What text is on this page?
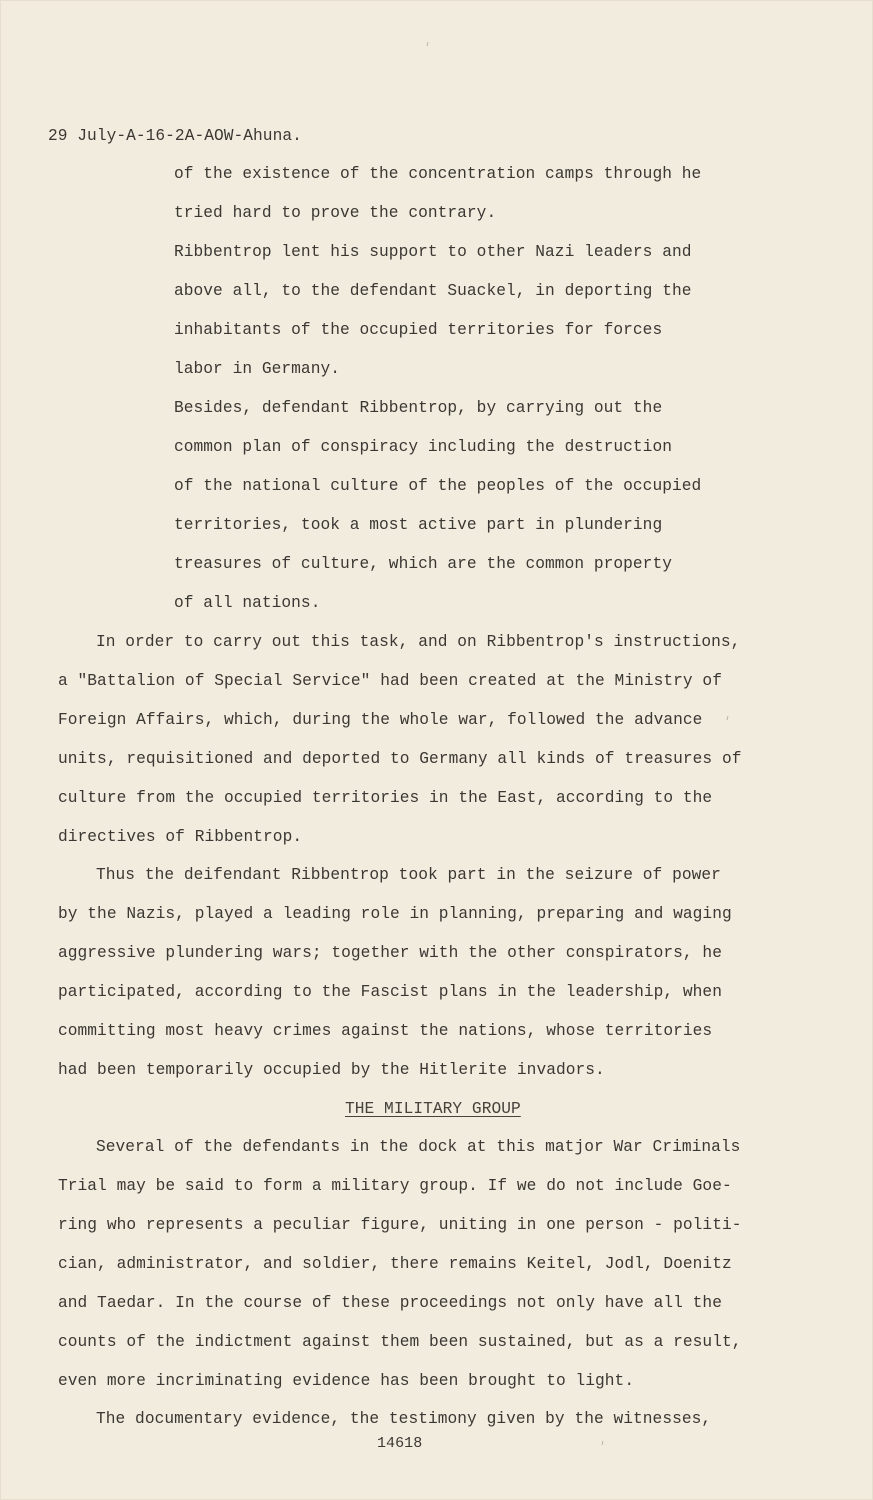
29 July-A-16-2A-AOW-Ahuna.
of the existence of the concentration camps through he
tried hard to prove the contrary.
Ribbentrop lent his support to other Nazi leaders and
above all, to the defendant Suackel, in deporting the
inhabitants of the occupied territories for forces
labor in Germany.
Besides, defendant Ribbentrop, by carrying out the
common plan of conspiracy including the destruction
of the national culture of the peoples of the occupied
territories, took a most active part in plundering
treasures of culture, which are the common property
of all nations.
In order to carry out this task, and on Ribbentrop's instructions,
a "Battalion of Special Service" had been created at the Ministry of
Foreign Affairs, which, during the whole war, followed the advance
units, requisitioned and deported to Germany all kinds of treasures of
culture from the occupied territories in the East, according to the
directives of Ribbentrop.
Thus the deifendant Ribbentrop took part in the seizure of power
by the Nazis, played a leading role in planning, preparing and waging
aggressive plundering wars; together with the other conspirators, he
participated, according to the Fascist plans in the leadership, when
committing most heavy crimes against the nations, whose territories
had been temporarily occupied by the Hitlerite invadors.
THE MILITARY GROUP
Several of the defendants in the dock at this matjor War Criminals
Trial may be said to form a military group. If we do not include Goe-
ring who represents a peculiar figure, uniting in one person - politi-
cian, administrator, and soldier, there remains Keitel, Jodl, Doenitz
and Taedar. In the course of these proceedings not only have all the
counts of the indictment against them been sustained, but as a result,
even more incriminating evidence has been brought to light.
The documentary evidence, the testimony given by the witnesses,
14618
